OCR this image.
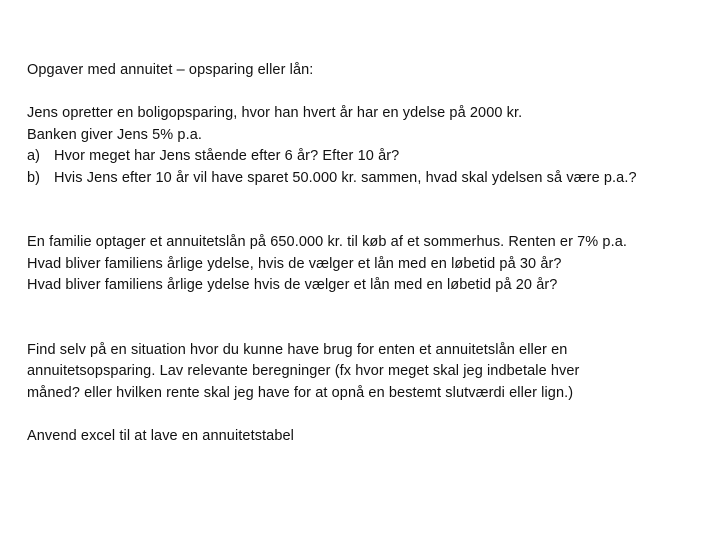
Opgaver med annuitet – opsparing eller lån:
Jens opretter en boligopsparing, hvor han hvert år har en ydelse på 2000 kr.
Banken giver Jens 5% p.a.
a) Hvor meget har Jens stående efter 6 år? Efter 10 år?
b) Hvis Jens efter 10 år vil have sparet 50.000 kr. sammen, hvad skal ydelsen så være p.a.?
En familie optager et annuitetslån på 650.000 kr. til køb af et sommerhus. Renten er 7% p.a.
Hvad bliver familiens årlige ydelse, hvis de vælger et lån med en løbetid på 30 år?
Hvad bliver familiens årlige ydelse hvis de vælger et lån med en løbetid på 20 år?
Find selv på en situation hvor du kunne have brug for enten et annuitetslån eller en
annuitetsopsparing. Lav relevante beregninger (fx hvor meget skal jeg indbetale hver
måned? eller hvilken rente skal jeg have for at opnå en bestemt slutværdi eller lign.)
Anvend excel til at lave en annuitetstabel
